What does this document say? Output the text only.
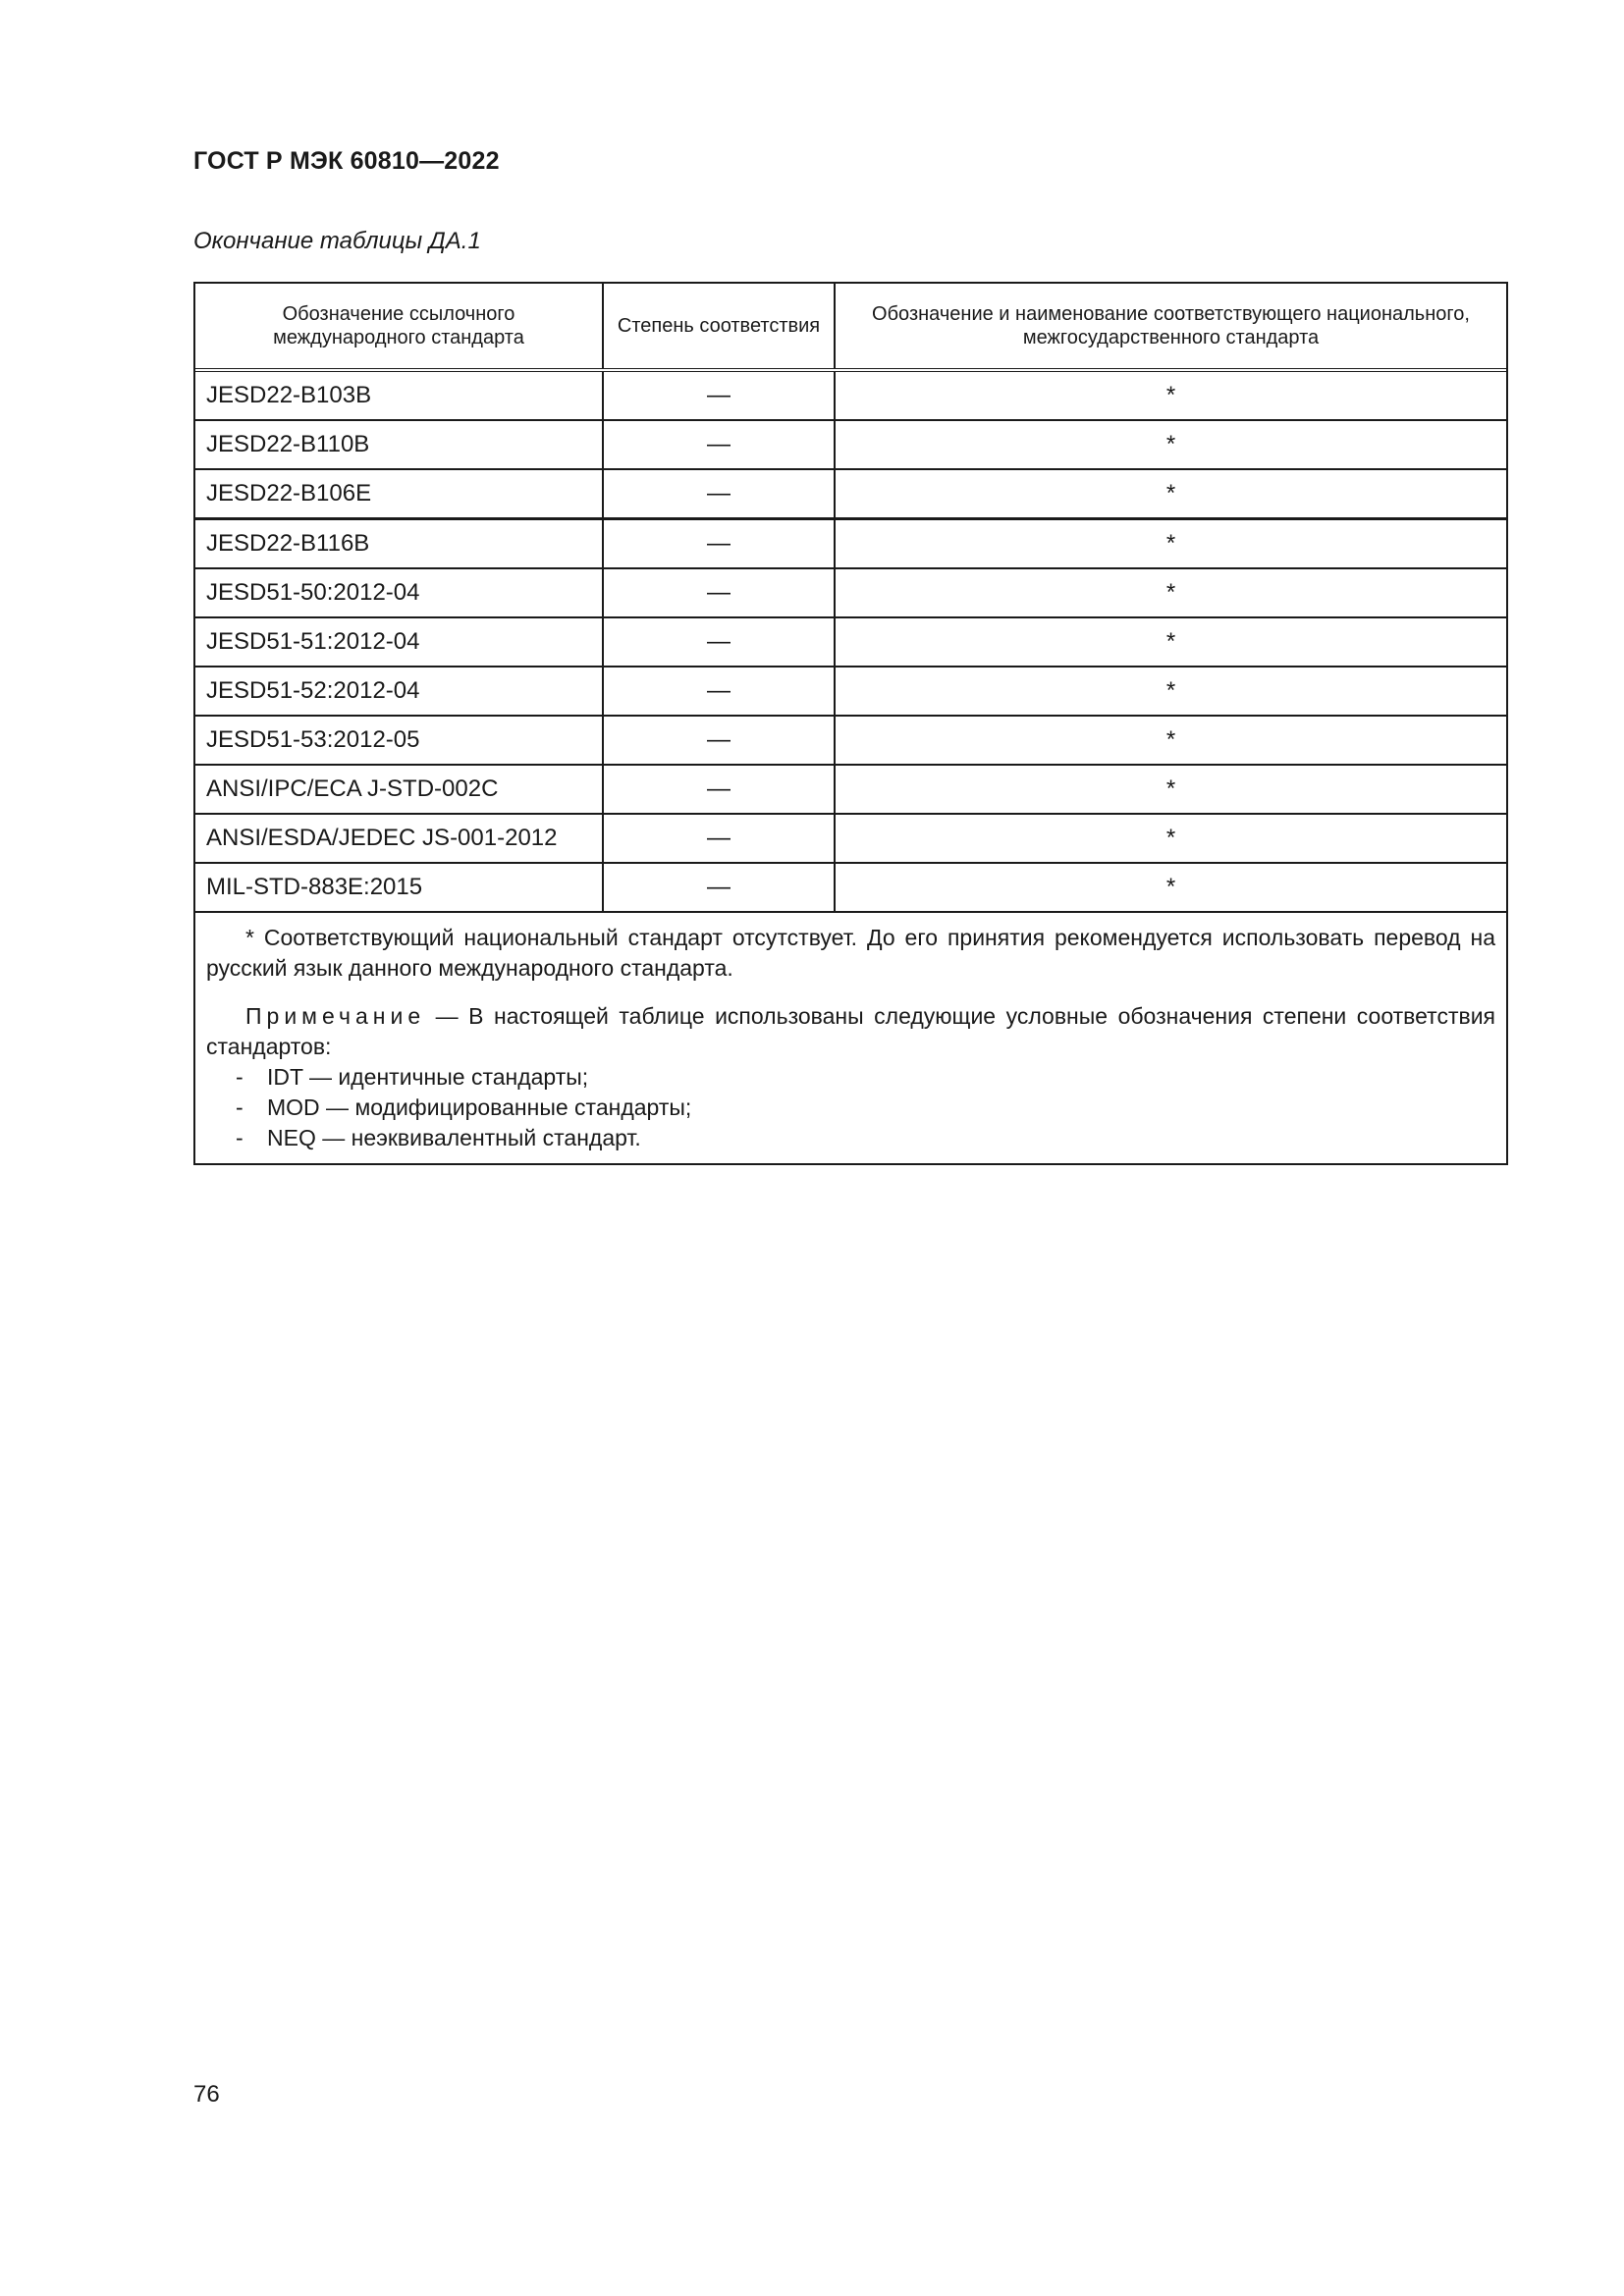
ГОСТ Р МЭК 60810—2022

Окончание таблицы ДА.1

Обозначение ссылочного международного стандарта	Степень соответствия	Обозначение и наименование соответствующего национального, межгосударственного стандарта
JESD22-B103B	—	*
JESD22-B110B	—	*
JESD22-B106E	—	*
JESD22-B116B	—	*
JESD51-50:2012-04	—	*
JESD51-51:2012-04	—	*
JESD51-52:2012-04	—	*
JESD51-53:2012-05	—	*
ANSI/IPC/ECA J-STD-002C	—	*
ANSI/ESDA/JEDEC JS-001-2012	—	*
MIL-STD-883E:2015	—	*

* Соответствующий национальный стандарт отсутствует. До его принятия рекомендуется использовать перевод на русский язык данного международного стандарта.

Примечание — В настоящей таблице использованы следующие условные обозначения степени соответствия стандартов:

- IDT — идентичные стандарты;
- MOD — модифицированные стандарты;
- NEQ — неэквивалентный стандарт.

76
